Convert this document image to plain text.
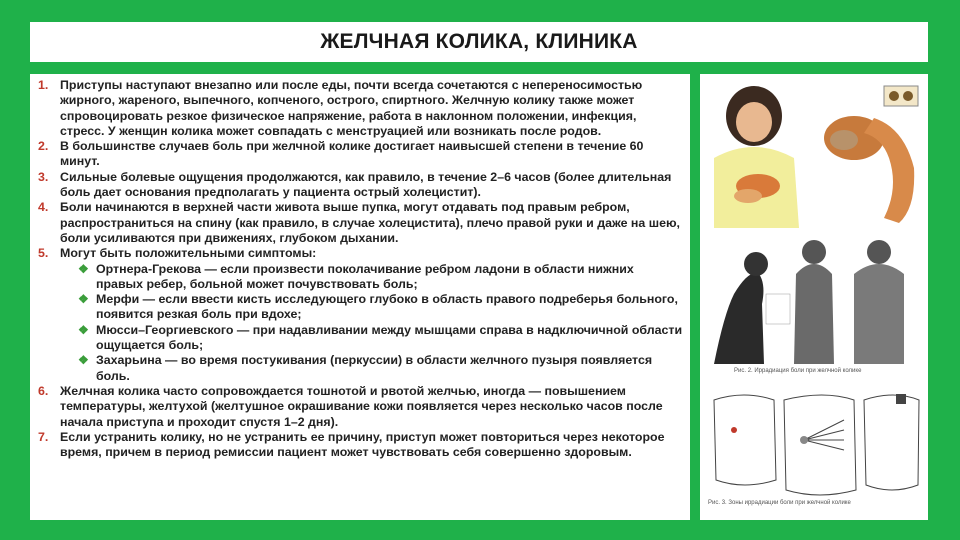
ЖЕЛЧНАЯ КОЛИКА, КЛИНИКА
Приступы наступают внезапно или после еды, почти всегда сочетаются с непереносимостью жирного, жареного, выпечного, копченого, острого, спиртного. Желчную колику также может спровоцировать резкое физическое напряжение, работа в наклонном положении, инфекция, стресс. У женщин колика может совпадать с менструацией или возникать после родов.
В большинстве случаев боль при желчной колике достигает наивысшей степени в течение 60 минут.
Сильные болевые ощущения продолжаются, как правило, в течение 2–6 часов (более длительная боль дает основания предполагать у пациента острый холецистит).
Боли начинаются в верхней части живота выше пупка, могут отдавать под правым ребром, распространиться на спину (как правило, в случае холецистита), плечо правой руки и даже на шею, боли усиливаются при движениях, глубоком дыхании.
Могут быть положительными симптомы:
❖ Ортнера-Грекова — если произвести поколачивание ребром ладони в области нижних правых ребер, больной может почувствовать боль;
❖ Мерфи — если ввести кисть исследующего глубоко в область правого подреберья больного, появится резкая боль при вдохе;
❖ Мюсси–Георгиевского — при надавливании между мышцами справа в надключичной области ощущается боль;
❖ Захарьина — во время постукивания (перкуссии) в области желчного пузыря появляется боль.
Желчная колика часто сопровождается тошнотой и рвотой желчью, иногда — повышением температуры, желтухой (желтушное окрашивание кожи появляется через несколько часов после начала приступа и проходит спустя 1–2 дня).
Если устранить колику, но не устранить ее причину, приступ может повториться через некоторое время, причем в период ремиссии пациент может чувствовать себя совершенно здоровым.
Рис. 2. Иррадиация боли при желчной колике
Рис. 3. Зоны иррадиации боли при желчной колике
